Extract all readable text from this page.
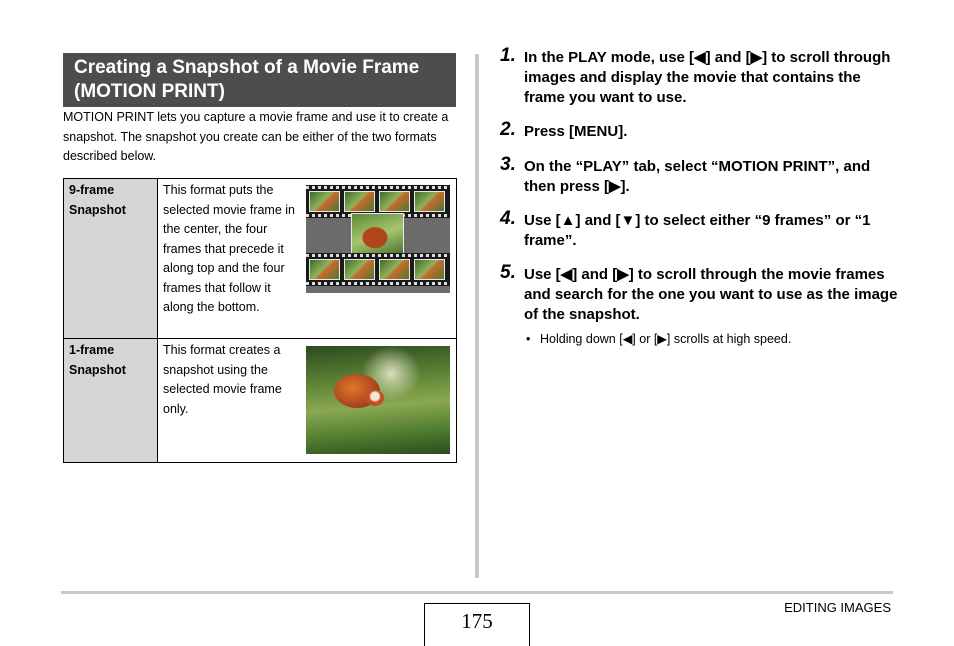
Creating a Snapshot of a Movie Frame
(MOTION PRINT)

MOTION PRINT lets you capture a movie frame and use it to create a snapshot. The snapshot you create can be either of the two formats described below.

9-frame
Snapshot
This format puts the selected movie frame in the center, the four frames that precede it along top and the four frames that follow it along the bottom.
1-frame
Snapshot
This format creates a snapshot using the selected movie frame only.
1. In the PLAY mode, use [◀] and [▶] to scroll through images and display the movie that contains the frame you want to use.
2. Press [MENU].
3. On the “PLAY” tab, select “MOTION PRINT”, and then press [▶].
4. Use [▲] and [▼] to select either “9 frames” or “1 frame”.
5. Use [◀] and [▶] to scroll through the movie frames and search for the one you want to use as the image of the snapshot.
• Holding down [◀] or [▶] scrolls at high speed.
175
EDITING IMAGES
